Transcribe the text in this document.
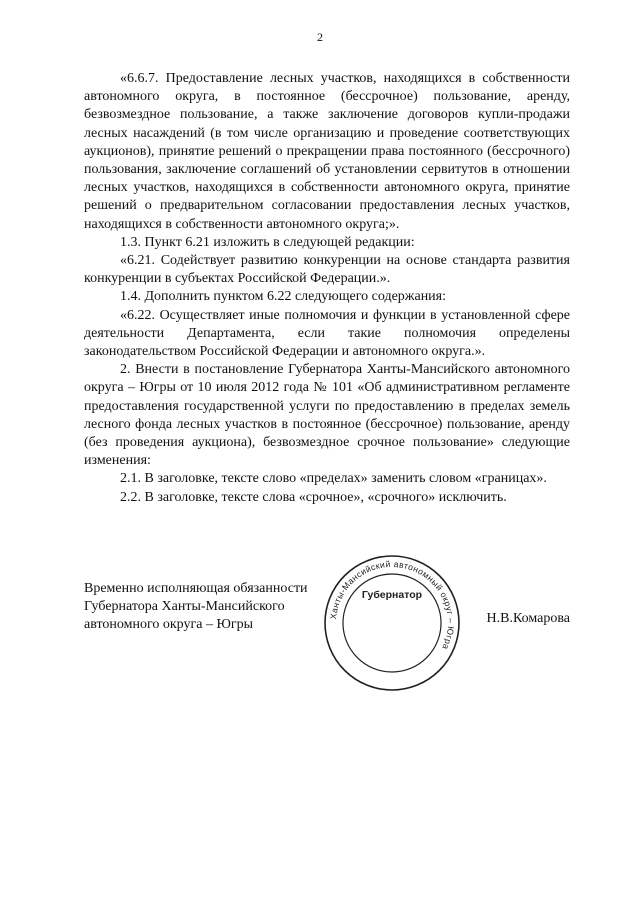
2

«6.6.7. Предоставление лесных участков, находящихся в собственности автономного округа, в постоянное (бессрочное) пользование, аренду, безвозмездное пользование, а также заключение договоров купли-продажи лесных насаждений (в том числе организацию и проведение соответствующих аукционов), принятие решений о прекращении права постоянного (бессрочного) пользования, заключение соглашений об установлении сервитутов в отношении лесных участков, находящихся в собственности автономного округа, принятие решений о предварительном согласовании предоставления лесных участков, находящихся в собственности автономного округа;».

1.3. Пункт 6.21 изложить в следующей редакции:

«6.21. Содействует развитию конкуренции на основе стандарта развития конкуренции в субъектах Российской Федерации.».

1.4. Дополнить пунктом 6.22 следующего содержания:

«6.22. Осуществляет иные полномочия и функции в установленной сфере деятельности Департамента, если такие полномочия определены законодательством Российской Федерации и автономного округа.».

2. Внести в постановление Губернатора Ханты-Мансийского автономного округа – Югры от 10 июля 2012 года № 101 «Об административном регламенте предоставления государственной услуги по предоставлению в пределах земель лесного фонда лесных участков в постоянное (бессрочное) пользование, аренду (без проведения аукциона), безвозмездное срочное пользование» следующие изменения:

2.1. В заголовке, тексте слово «пределах» заменить словом «границах».

2.2. В заголовке, тексте слова «срочное», «срочного» исключить.

Временно исполняющая обязанности
Губернатора Ханты-Мансийского
автономного округа – Югры
Ханты-Мансийский автономный округ – Югра
Губернатор
Н.В.Комарова
